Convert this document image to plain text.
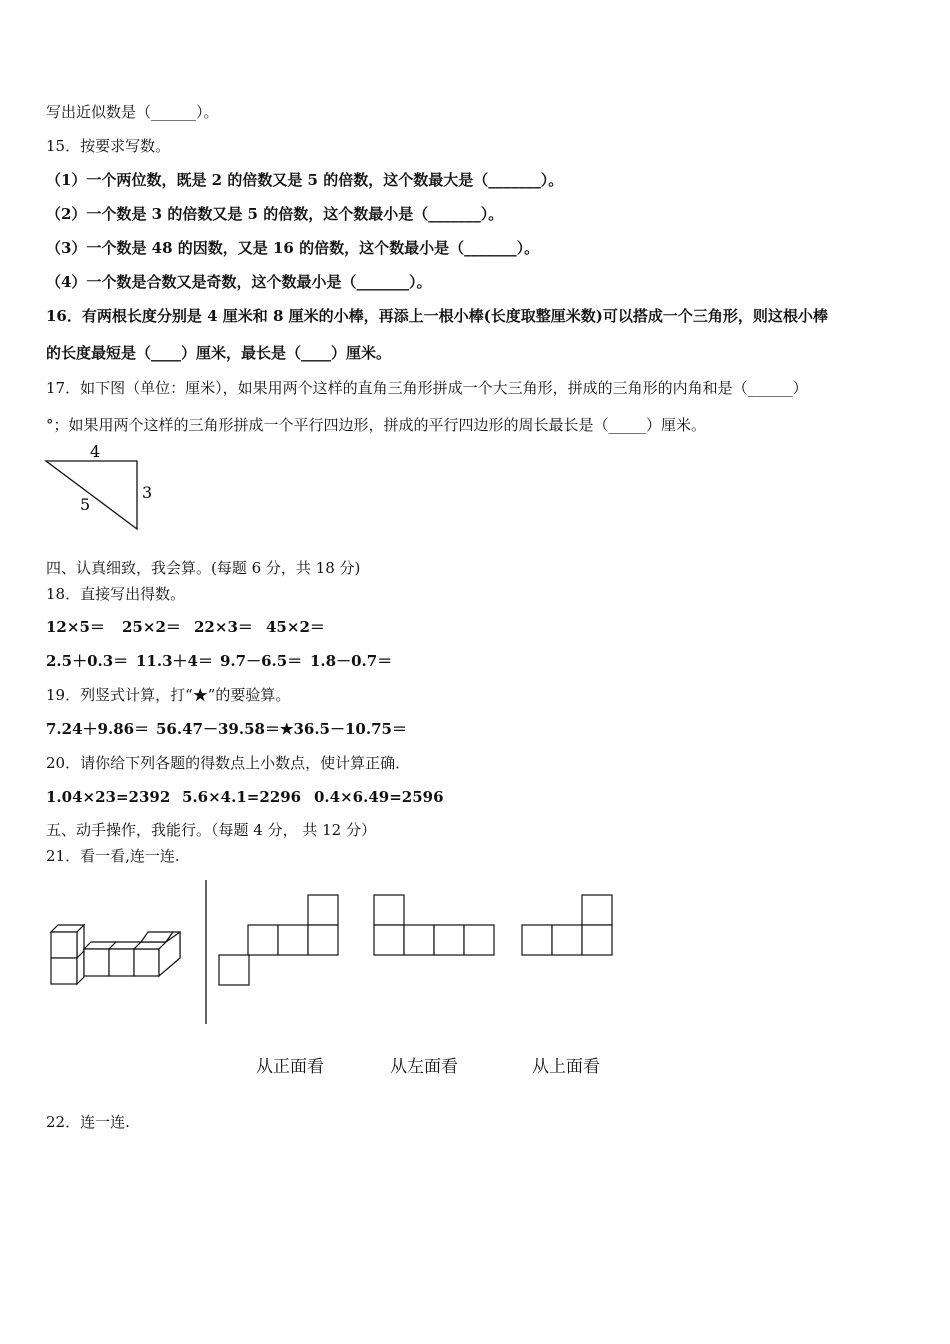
写出近似数是（______）。
15．按要求写数。
（1）一个两位数，既是 2 的倍数又是 5 的倍数，这个数最大是（_______）。
（2）一个数是 3 的倍数又是 5 的倍数，这个数最小是（_______）。
（3）一个数是 48 的因数，又是 16 的倍数，这个数最小是（_______）。
（4）一个数是合数又是奇数，这个数最小是（_______）。
16．有两根长度分别是 4 厘米和 8 厘米的小棒，再添上一根小棒(长度取整厘米数)可以搭成一个三角形，则这根小棒
的长度最短是（____）厘米，最长是（____）厘米。
17．如下图（单位：厘米），如果用两个这样的直角三角形拼成一个大三角形，拼成的三角形的内角和是（______）
°；如果用两个这样的三角形拼成一个平行四边形，拼成的平行四边形的周长最长是（_____）厘米。
4
3
5
四、认真细致，我会算。(每题 6 分，共 18 分)
18．直接写出得数。
12×5＝ 25×2＝ 22×3＝ 45×2＝
2.5＋0.3＝ 11.3＋4＝ 9.7－6.5＝ 1.8－0.7＝
19．列竖式计算，打“★”的要验算。
7.24＋9.86＝ 56.47－39.58＝★36.5－10.75＝
20．请你给下列各题的得数点上小数点，使计算正确．
1.04×23=2392 5.6×4.1=2296 0.4×6.49=2596
五、动手操作，我能行。（每题 4 分， 共 12 分）
21．看一看,连一连.
从正面看	从左面看	从上面看
22．连一连.
